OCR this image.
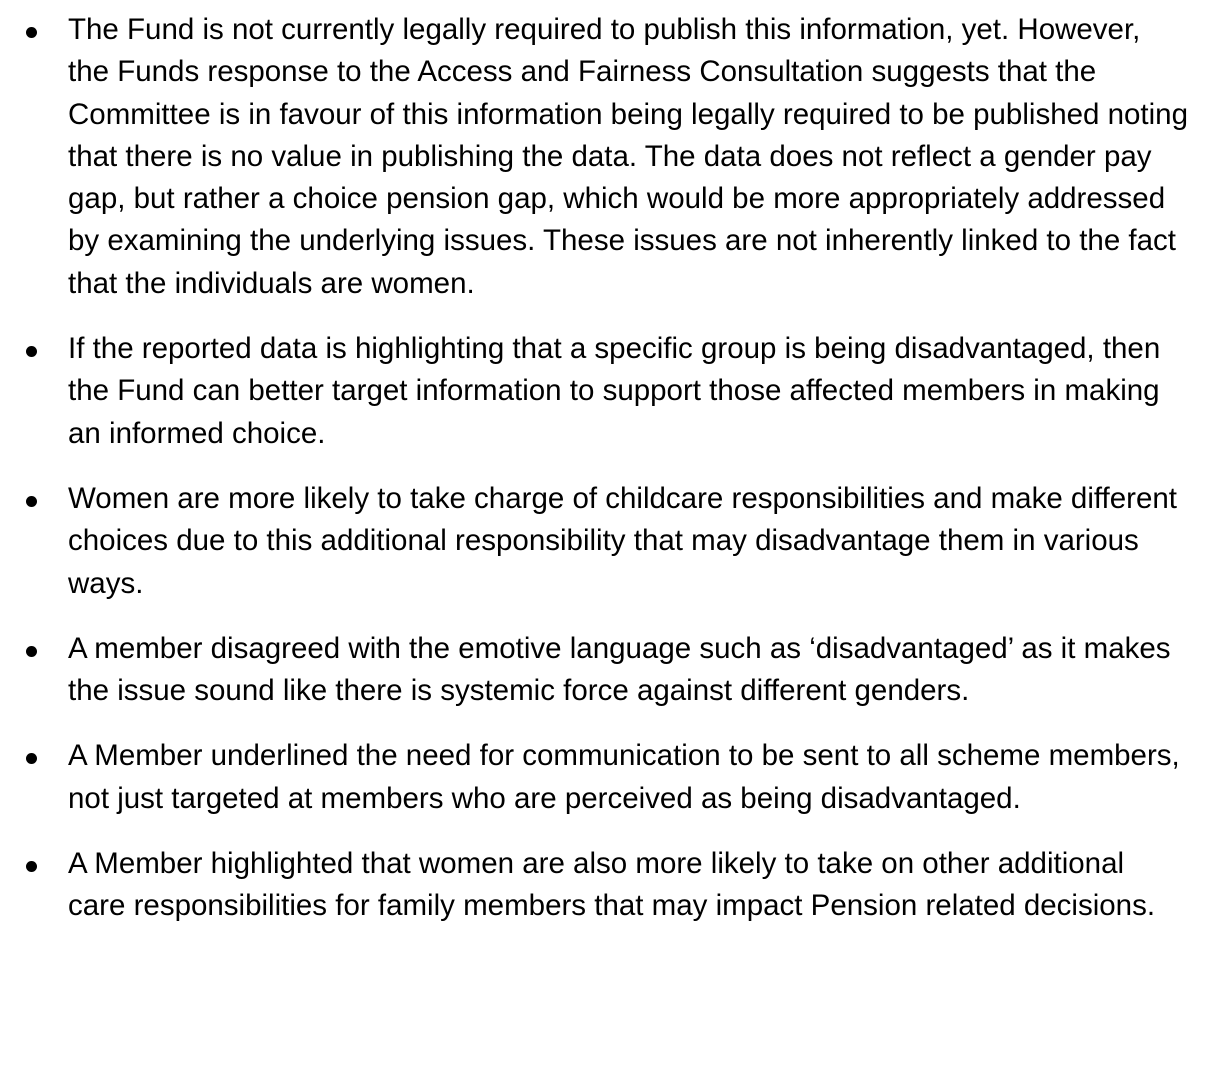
The Fund is not currently legally required to publish this information, yet. However, the Funds response to the Access and Fairness Consultation suggests that the Committee is in favour of this information being legally required to be published noting that there is no value in publishing the data. The data does not reflect a gender pay gap, but rather a choice pension gap, which would be more appropriately addressed by examining the underlying issues. These issues are not inherently linked to the fact that the individuals are women.
If the reported data is highlighting that a specific group is being disadvantaged, then the Fund can better target information to support those affected members in making an informed choice.
Women are more likely to take charge of childcare responsibilities and make different choices due to this additional responsibility that may disadvantage them in various ways.
A member disagreed with the emotive language such as ‘disadvantaged’ as it makes the issue sound like there is systemic force against different genders.
A Member underlined the need for communication to be sent to all scheme members, not just targeted at members who are perceived as being disadvantaged.
A Member highlighted that women are also more likely to take on other additional care responsibilities for family members that may impact Pension related decisions.
